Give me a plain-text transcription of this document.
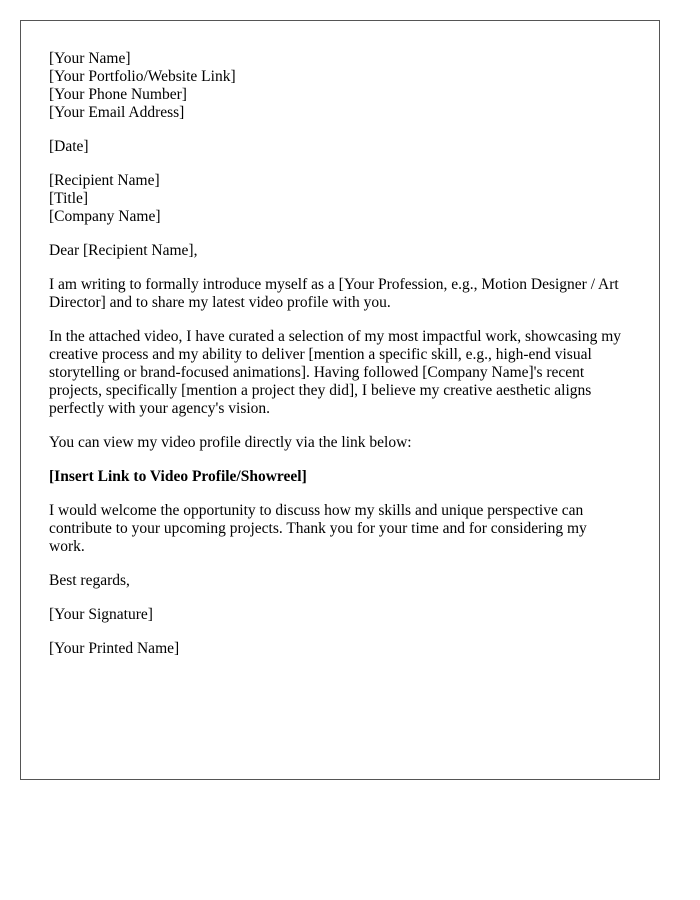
[Your Name]
[Your Portfolio/Website Link]
[Your Phone Number]
[Your Email Address]
[Date]
[Recipient Name]
[Title]
[Company Name]

Dear [Recipient Name],

I am writing to formally introduce myself as a [Your Profession, e.g., Motion Designer / Art Director] and to share my latest video profile with you.

In the attached video, I have curated a selection of my most impactful work, showcasing my creative process and my ability to deliver [mention a specific skill, e.g., high-end visual storytelling or brand-focused animations]. Having followed [Company Name]'s recent projects, specifically [mention a project they did], I believe my creative aesthetic aligns perfectly with your agency's vision.

You can view my video profile directly via the link below:

[Insert Link to Video Profile/Showreel]

I would welcome the opportunity to discuss how my skills and unique perspective can contribute to your upcoming projects. Thank you for your time and for considering my work.

Best regards,

[Your Signature]

[Your Printed Name]
